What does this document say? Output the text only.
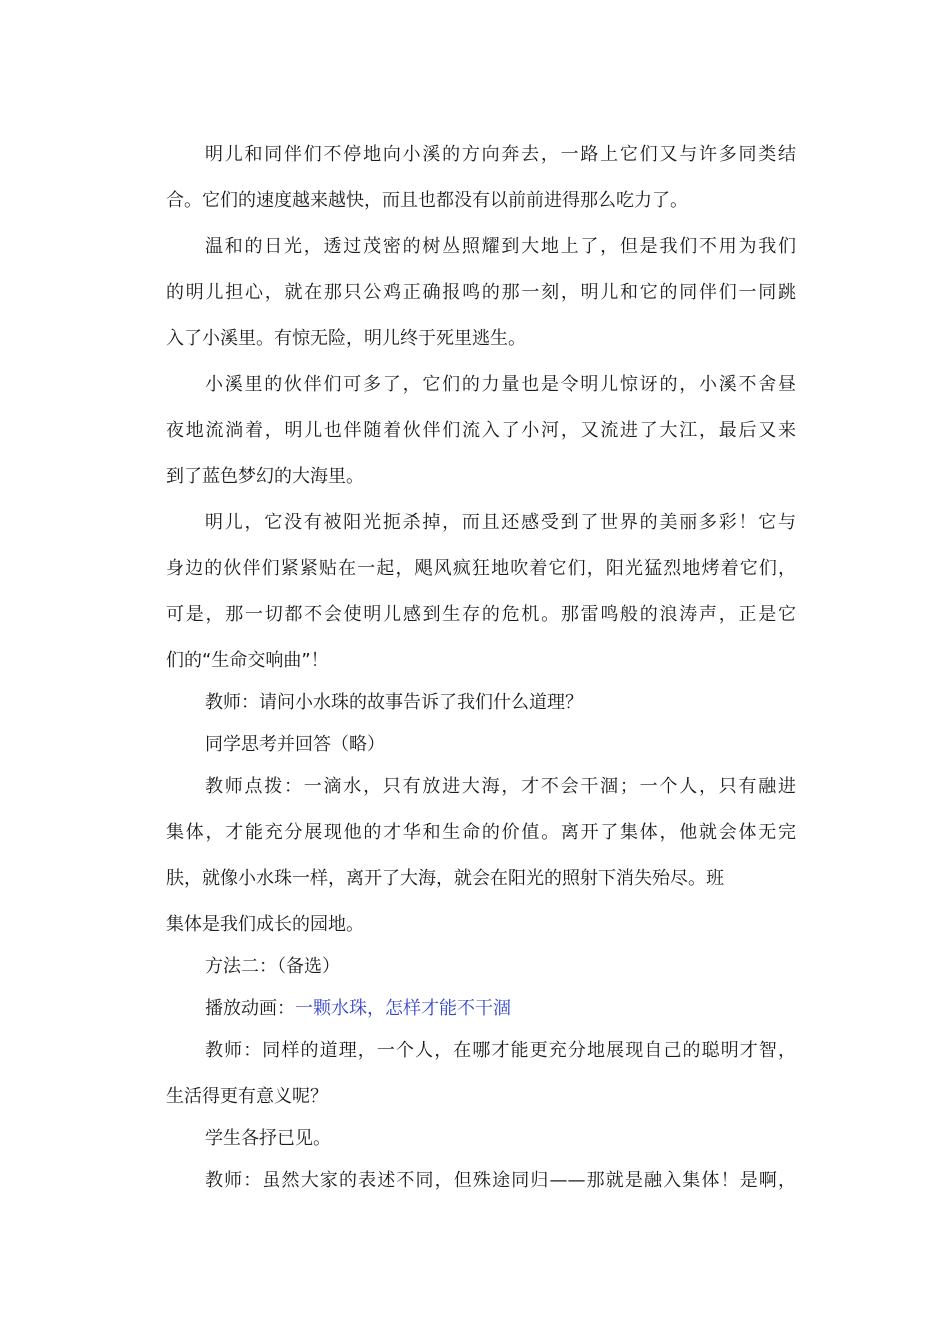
明儿和同伴们不停地向小溪的方向奔去，一路上它们又与许多同类结
合。它们的速度越来越快，而且也都没有以前前进得那么吃力了。
温和的日光，透过茂密的树丛照耀到大地上了，但是我们不用为我们
的明儿担心，就在那只公鸡正确报鸣的那一刻，明儿和它的同伴们一同跳
入了小溪里。有惊无险，明儿终于死里逃生。
小溪里的伙伴们可多了，它们的力量也是令明儿惊讶的，小溪不舍昼
夜地流淌着，明儿也伴随着伙伴们流入了小河，又流进了大江，最后又来
到了蓝色梦幻的大海里。
明儿，它没有被阳光扼杀掉，而且还感受到了世界的美丽多彩！它与
身边的伙伴们紧紧贴在一起，飓风疯狂地吹着它们，阳光猛烈地烤着它们，
可是，那一切都不会使明儿感到生存的危机。那雷鸣般的浪涛声，正是它
们的“生命交响曲”！
教师：请问小水珠的故事告诉了我们什么道理？
同学思考并回答（略）
教师点拨：一滴水，只有放进大海，才不会干涸；一个人，只有融进
集体，才能充分展现他的才华和生命的价值。离开了集体，他就会体无完
肤，就像小水珠一样，离开了大海，就会在阳光的照射下消失殆尽。班
集体是我们成长的园地。
方法二：（备选）
播放动画：一颗水珠，怎样才能不干涸
教师：同样的道理，一个人，在哪才能更充分地展现自己的聪明才智，
生活得更有意义呢？
学生各抒已见。
教师：虽然大家的表述不同，但殊途同归——那就是融入集体！是啊，
